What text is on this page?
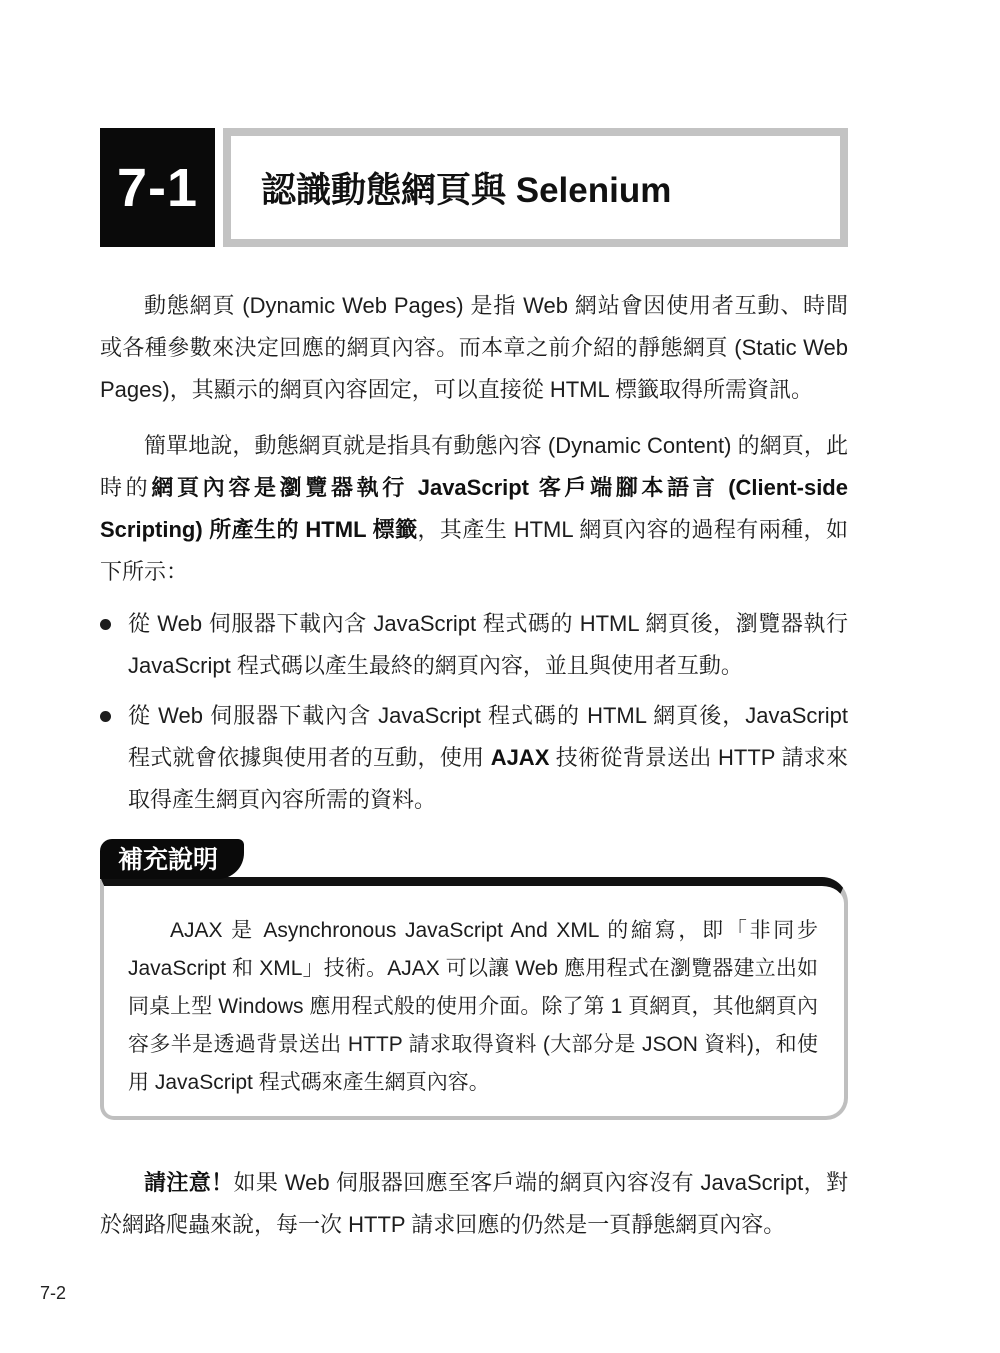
7-1	認識動態網頁與 Selenium

動態網頁 (Dynamic Web Pages) 是指 Web 網站會因使用者互動、時間或各種參數來決定回應的網頁內容。而本章之前介紹的靜態網頁 (Static Web Pages)，其顯示的網頁內容固定，可以直接從 HTML 標籤取得所需資訊。

簡單地說，動態網頁就是指具有動態內容 (Dynamic Content) 的網頁，此時的網頁內容是瀏覽器執行 JavaScript 客戶端腳本語言 (Client-side Scripting) 所產生的 HTML 標籤，其產生 HTML 網頁內容的過程有兩種，如下所示：

從 Web 伺服器下載內含 JavaScript 程式碼的 HTML 網頁後，瀏覽器執行 JavaScript 程式碼以產生最終的網頁內容，並且與使用者互動。
從 Web 伺服器下載內含 JavaScript 程式碼的 HTML 網頁後，JavaScript 程式就會依據與使用者的互動，使用 AJAX 技術從背景送出 HTTP 請求來取得產生網頁內容所需的資料。
補充說明

AJAX 是 Asynchronous JavaScript And XML 的縮寫，即「非同步 JavaScript 和 XML」技術。AJAX 可以讓 Web 應用程式在瀏覽器建立出如同桌上型 Windows 應用程式般的使用介面。除了第 1 頁網頁，其他網頁內容多半是透過背景送出 HTTP 請求取得資料 (大部分是 JSON 資料)，和使用 JavaScript 程式碼來產生網頁內容。

請注意！如果 Web 伺服器回應至客戶端的網頁內容沒有 JavaScript，對於網路爬蟲來說，每一次 HTTP 請求回應的仍然是一頁靜態網頁內容。

7-2
